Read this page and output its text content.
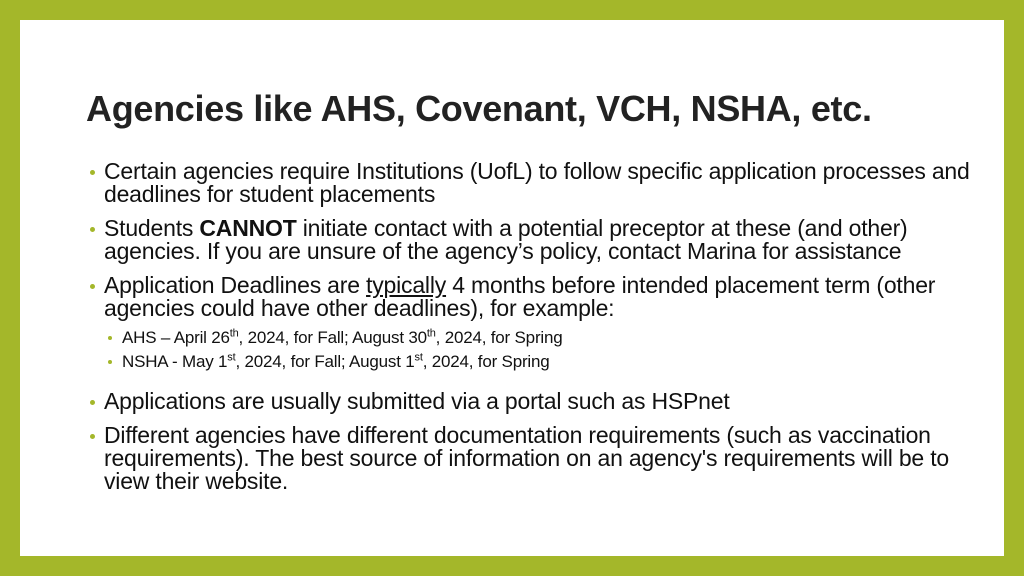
Agencies like AHS, Covenant, VCH, NSHA, etc.
Certain agencies require Institutions (UofL) to follow specific application processes and deadlines for student placements
Students CANNOT initiate contact with a potential preceptor at these (and other) agencies. If you are unsure of the agency’s policy, contact Marina for assistance
Application Deadlines are typically 4 months before intended placement term (other agencies could have other deadlines), for example:
AHS – April 26th, 2024, for Fall; August 30th, 2024, for Spring
NSHA - May 1st, 2024, for Fall; August 1st, 2024, for Spring
Applications are usually submitted via a portal such as HSPnet
Different agencies have different documentation requirements (such as vaccination requirements). The best source of information on an agency's requirements will be to view their website.
